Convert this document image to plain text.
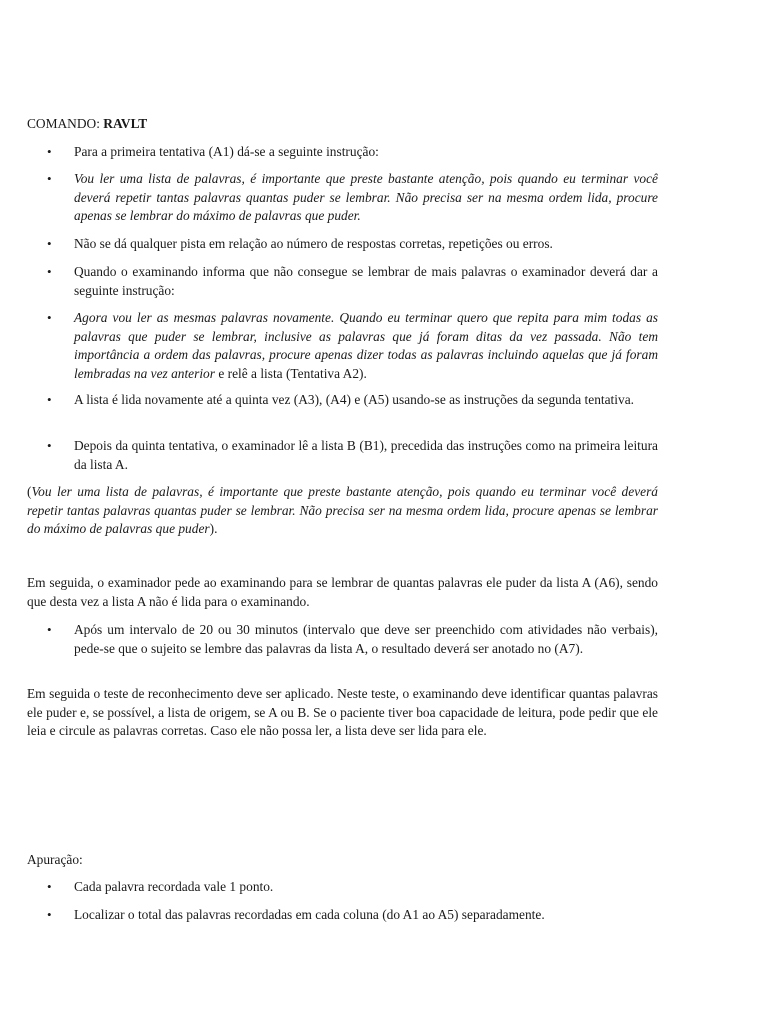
COMANDO: RAVLT
• Para a primeira tentativa (A1) dá-se a seguinte instrução:
• Vou ler uma lista de palavras, é importante que preste bastante atenção, pois quando eu terminar você deverá repetir tantas palavras quantas puder se lembrar. Não precisa ser na mesma ordem lida, procure apenas se lembrar do máximo de palavras que puder.
• Não se dá qualquer pista em relação ao número de respostas corretas, repetições ou erros.
• Quando o examinando informa que não consegue se lembrar de mais palavras o examinador deverá dar a seguinte instrução:
• Agora vou ler as mesmas palavras novamente. Quando eu terminar quero que repita para mim todas as palavras que puder se lembrar, inclusive as palavras que já foram ditas da vez passada. Não tem importância a ordem das palavras, procure apenas dizer todas as palavras incluindo aquelas que já foram lembradas na vez anterior e relê a lista (Tentativa A2).
• A lista é lida novamente até a quinta vez (A3), (A4) e (A5) usando-se as instruções da segunda tentativa.
• Depois da quinta tentativa, o examinador lê a lista B (B1), precedida das instruções como na primeira leitura da lista A.
(Vou ler uma lista de palavras, é importante que preste bastante atenção, pois quando eu terminar você deverá repetir tantas palavras quantas puder se lembrar. Não precisa ser na mesma ordem lida, procure apenas se lembrar do máximo de palavras que puder).
Em seguida, o examinador pede ao examinando para se lembrar de quantas palavras ele puder da lista A (A6), sendo que desta vez a lista A não é lida para o examinando.
• Após um intervalo de 20 ou 30 minutos (intervalo que deve ser preenchido com atividades não verbais), pede-se que o sujeito se lembre das palavras da lista A, o resultado deverá ser anotado no (A7).
Em seguida o teste de reconhecimento deve ser aplicado. Neste teste, o examinando deve identificar quantas palavras ele puder e, se possível, a lista de origem, se A ou B. Se o paciente tiver boa capacidade de leitura, pode pedir que ele leia e circule as palavras corretas. Caso ele não possa ler, a lista deve ser lida para ele.
Apuração:
• Cada palavra recordada vale 1 ponto.
• Localizar o total das palavras recordadas em cada coluna (do A1 ao A5) separadamente.
